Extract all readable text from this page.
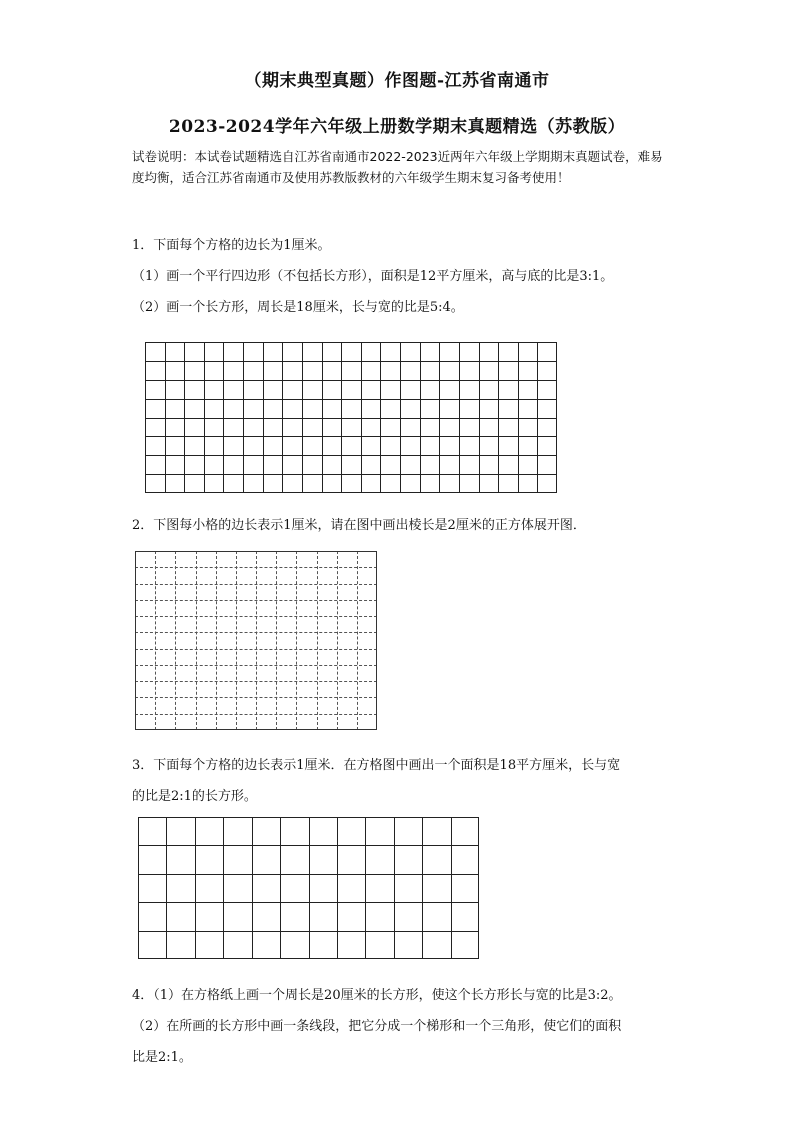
（期末典型真题）作图题-江苏省南通市
2023-2024学年六年级上册数学期末真题精选（苏教版）
试卷说明：本试卷试题精选自江苏省南通市2022-2023近两年六年级上学期期末真题试卷，难易度均衡，适合江苏省南通市及使用苏教版教材的六年级学生期末复习备考使用！
1．下面每个方格的边长为1厘米。
（1）画一个平行四边形（不包括长方形），面积是12平方厘米，高与底的比是3:1。
（2）画一个长方形，周长是18厘米，长与宽的比是5:4。
2．下图每小格的边长表示1厘米，请在图中画出棱长是2厘米的正方体展开图．
3．下面每个方格的边长表示1厘米．在方格图中画出一个面积是18平方厘米，长与宽
的比是2:1的长方形。
4．（1）在方格纸上画一个周长是20厘米的长方形，使这个长方形长与宽的比是3:2。
（2）在所画的长方形中画一条线段，把它分成一个梯形和一个三角形，使它们的面积
比是2:1。
